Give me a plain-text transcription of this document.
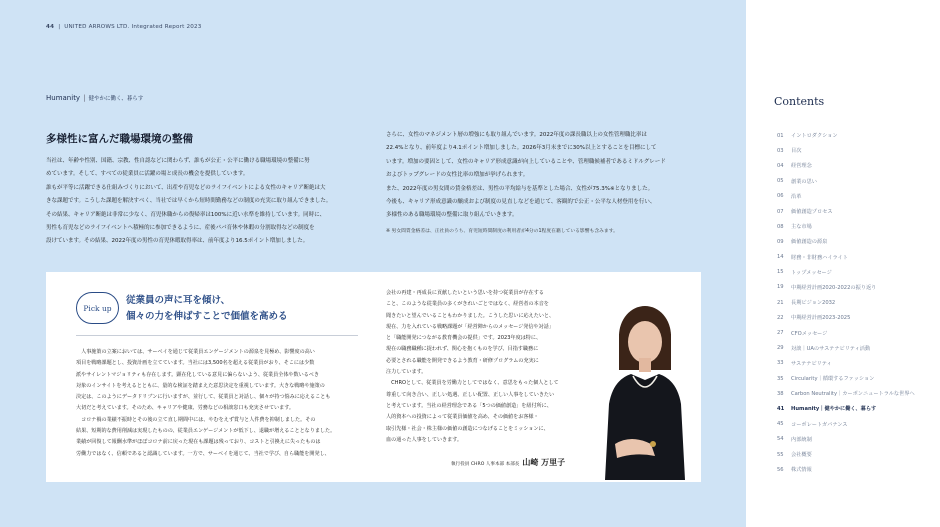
44 |  UNITED ARROWS LTD. Integrated Report 2023
Humanity | 健やかに働く、暮らす
多様性に富んだ職場環境の整備

当社は、年齢や性別、国籍、宗教、性自認などに関わらず、誰もが公正・公平に働ける職場環境の整備に努

めています。そして、すべての従業員に活躍の場と成長の機会を提供しています。

誰もが平等に活躍できる仕組みづくりにおいて、出産や育児などのライフイベントによる女性のキャリア断絶は大

きな課題です。こうした課題を解決すべく、当社では早くから短時間勤務などの制度の充実に取り組んできました。

その結果、キャリア断絶は非常に少なく、育児休職からの復帰率は100%に近い水準を維持しています。同時に、

男性も育児などのライフイベントへ積極的に参加できるように、産後パパ育休や休暇の分割取得などの制度を

設けています。その結果、2022年度の男性の育児休暇取得率は、前年度より16.5ポイント増加しました。

さらに、女性のマネジメント層の増強にも取り組んでいます。2022年度の課長職以上の女性管理職比率は

22.4%となり、前年度より4.1ポイント増加しました。2026年3月末までに30%以上とすることを目標にして

います。増加の要因として、女性のキャリア形成意識が向上していることや、管理職候補者であるミドルグレード

およびトップグレードの女性比率の増加が挙げられます。

また、2022年度の男女間の賃金格差は、男性の平均給与を基準とした場合、女性が75.3%※となりました。

今後も、キャリア形成意識の醸成および制度の見直しなどを通じて、客観的で公正・公平な人材登用を行い、

多様性のある職場環境の整備に取り組んでいきます。

※ 男女間賃金格差は、正社員のうち、育児短時間制度の利用者が4分の1程度在籍している影響も含みます。

Pick up
従業員の声に耳を傾け、
個々の力を伸ばすことで価値を高める

　人事施策の立案においては、サーベイを通じて従業員エンゲージメントの源泉を見極め、影響度の高い

項目を戦略課題とし、投資計画を立てています。当社には3,500名を超える従業員がおり、そこには少数

派やサイレントマジョリティも存在します。顕在化している意見に偏らないよう、従業員全体や数いるべき

対象のインサイトを考えるとともに、量的な検証を踏まえた意思決定を重視しています。大きな戦略や施策の

決定は、このようにデータドリブンに行いますが、並行して、従業員と対話し、個々が持つ悩みに応えることも

大切だと考えています。そのため、キャリアや健康、労務などの相談窓口も充実させています。

　コロナ禍の業績不振時とその後の立て直し期間中には、やむをえず賞与と人件費を抑制しました。その

結果、短期的な費用削減は実現したものの、従業員エンゲージメントが低下し、退職が増えることとなりました。

業績が回復して報酬水準がほぼコロナ前に戻った現在も課題は残っており、コストと引換えに失ったものは

労働力ではなく、信頼であると認識しています。一方で、サーベイを通じて、当社で学び、自ら職能を開発し、

会社の再建・再成長に貢献したいという思いを持つ従業員が存在する

こと、このような従業員の多くがきれいごとではなく、経営者の本音を

聞きたいと望んでいることもわかりました。こうした思いに応えたいと、

現在、力を入れている戦略課題が「経営陣からのメッセージ発信や対話」

と「職能開発につながる教育機会の提供」です。2023年度は特に、

現在の職務職種に捉われず、関心を抱くものを学び、目指す職務に

必要とされる職能を開発できるよう教育・研修プログラムの充実に

注力しています。

　CHROとして、従業員を労働力としてではなく、意思をもった個人として

尊重して向き合い、正しい処遇、正しい配置、正しい人事をしていきたい

と考えています。当社の経営理念である「5つの価値創造」を紐付所に、

人的資本への投資によって従業員価値を高め、その価値をお客様・

取引先様・社会・株主様の価値の創造につなげることをミッションに、

血の通った人事をしていきます。

執行役員 CHRO 人事本部 本部長 山崎 万里子
Contents
01	イントロダクション
03	目次
04	経営理念
05	創業の思い
06	沿革
07	価値創造プロセス
08	主な市場
09	価値創造の源泉
14	財務・非財務ハイライト
15	トップメッセージ
19	中期経営計画2020-2022の振り返り
21	長期ビジョン2032
22	中期経営計画2023-2025
27	CFOメッセージ
29	対談｜UAのサステナビリティ活動
33	サステナビリティ
35	Circularity｜循環するファッション
38	Carbon Neutrality｜カーボンニュートラルな世界へ
41	Humanity｜健やかに働く、暮らす
45	コーポレートガバナンス
54	内部統制
55	会社概要
56	株式情報
